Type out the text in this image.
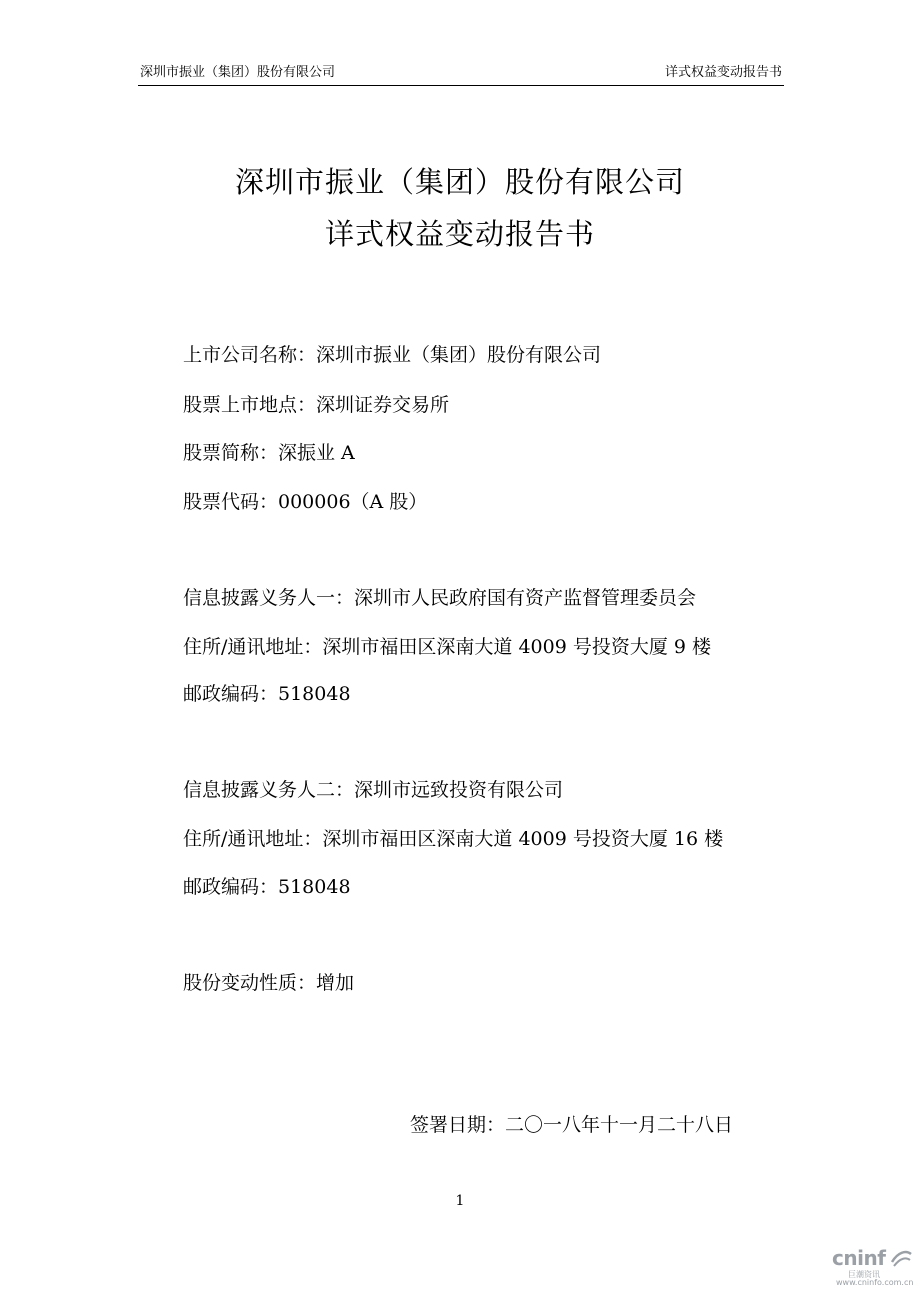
深圳市振业（集团）股份有限公司	详式权益变动报告书
深圳市振业（集团）股份有限公司
详式权益变动报告书
上市公司名称：深圳市振业（集团）股份有限公司
股票上市地点：深圳证券交易所
股票简称：深振业 A
股票代码：000006（A 股）
信息披露义务人一：深圳市人民政府国有资产监督管理委员会
住所/通讯地址：深圳市福田区深南大道 4009 号投资大厦 9 楼
邮政编码：518048
信息披露义务人二：深圳市远致投资有限公司
住所/通讯地址：深圳市福田区深南大道 4009 号投资大厦 16 楼
邮政编码：518048
股份变动性质：增加
签署日期：二〇一八年十一月二十八日
1
cninf
巨潮资讯
www.cninfo.com.cn
